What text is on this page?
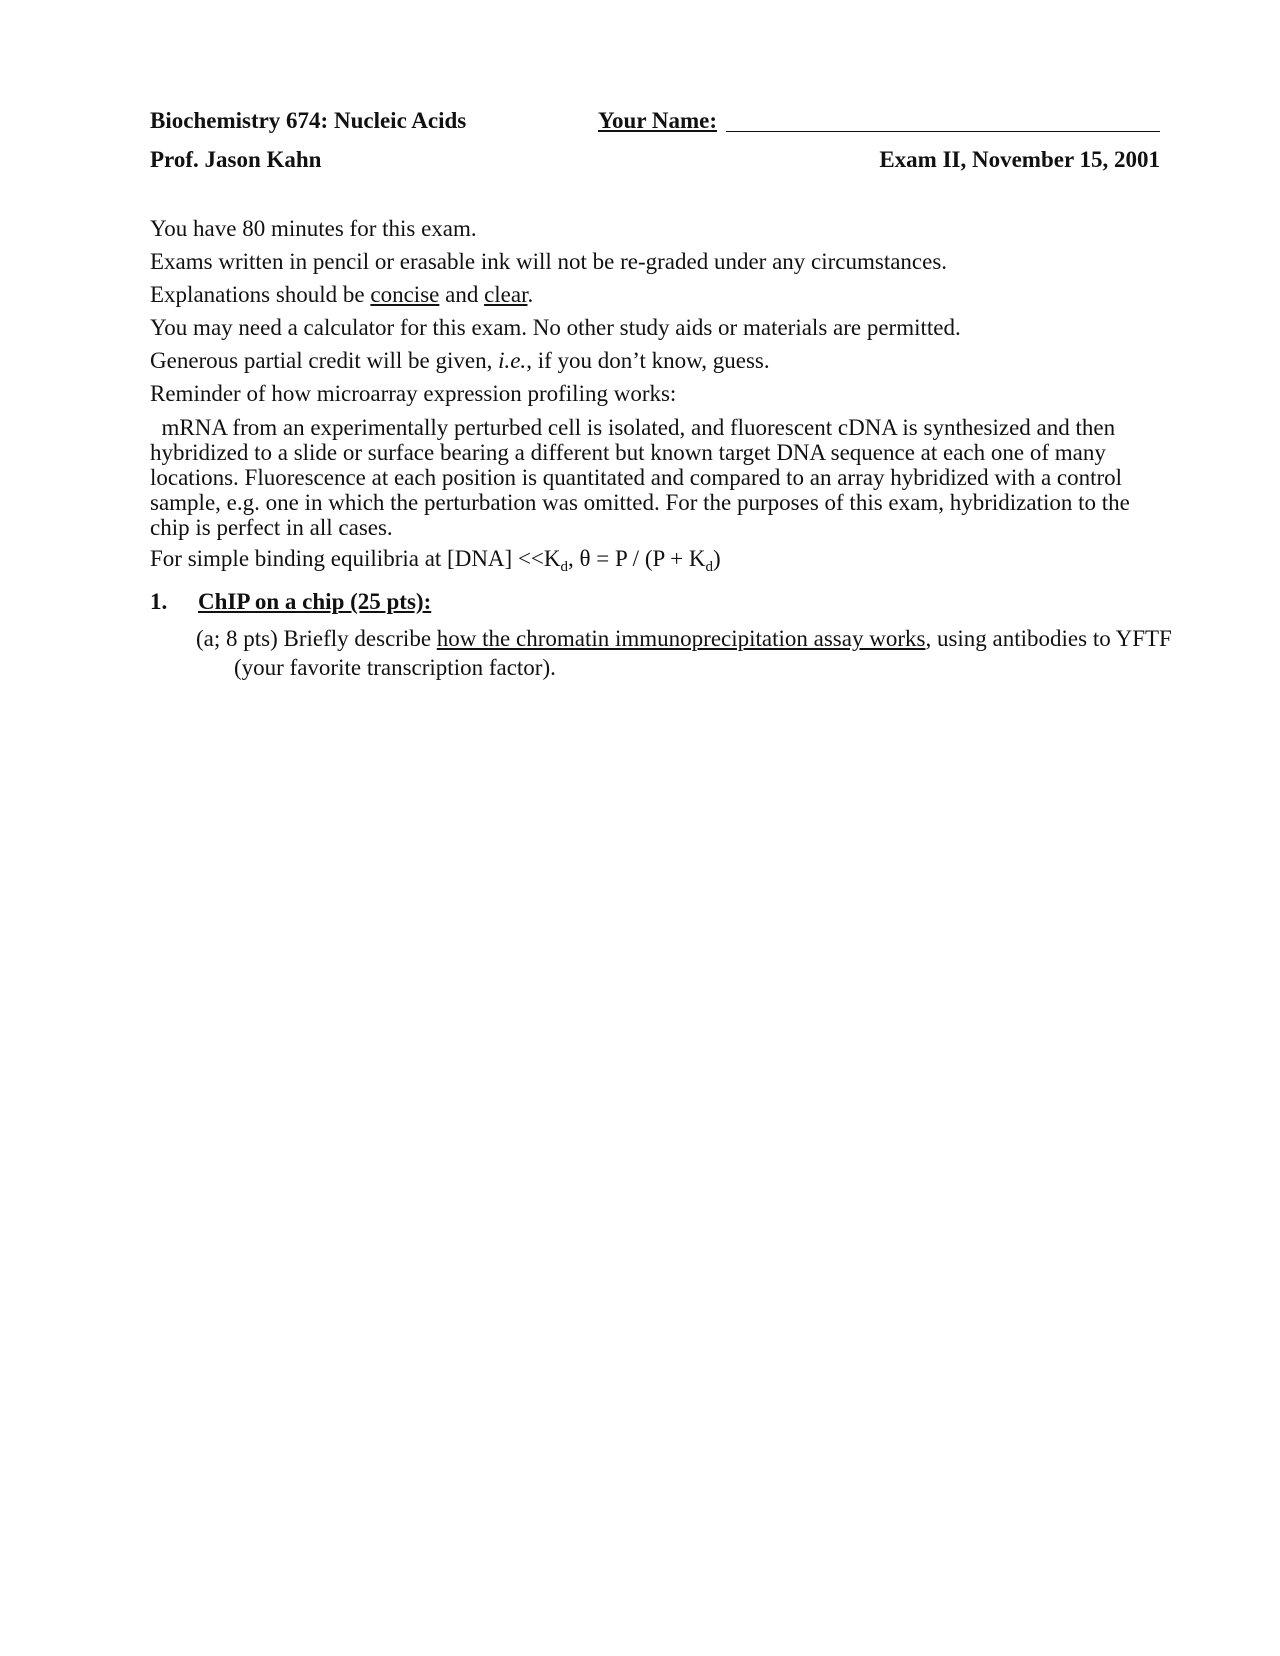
Biochemistry 674: Nucleic Acids	Your Name:
Prof. Jason Kahn	Exam II, November 15, 2001
You have 80 minutes for this exam.
Exams written in pencil or erasable ink will not be re-graded under any circumstances.
Explanations should be concise and clear.
You may need a calculator for this exam. No other study aids or materials are permitted.
Generous partial credit will be given, i.e., if you don’t know, guess.
Reminder of how microarray expression profiling works:
mRNA from an experimentally perturbed cell is isolated, and fluorescent cDNA is synthesized and then hybridized to a slide or surface bearing a different but known target DNA sequence at each one of many locations. Fluorescence at each position is quantitated and compared to an array hybridized with a control sample, e.g. one in which the perturbation was omitted. For the purposes of this exam, hybridization to the chip is perfect in all cases.
For simple binding equilibria at $[DNA] <<K_d$, $\theta = P / (P + K_d)$
1. ChIP on a chip (25 pts):
(a; 8 pts) Briefly describe how the chromatin immunoprecipitation assay works, using antibodies to YFTF (your favorite transcription factor).
